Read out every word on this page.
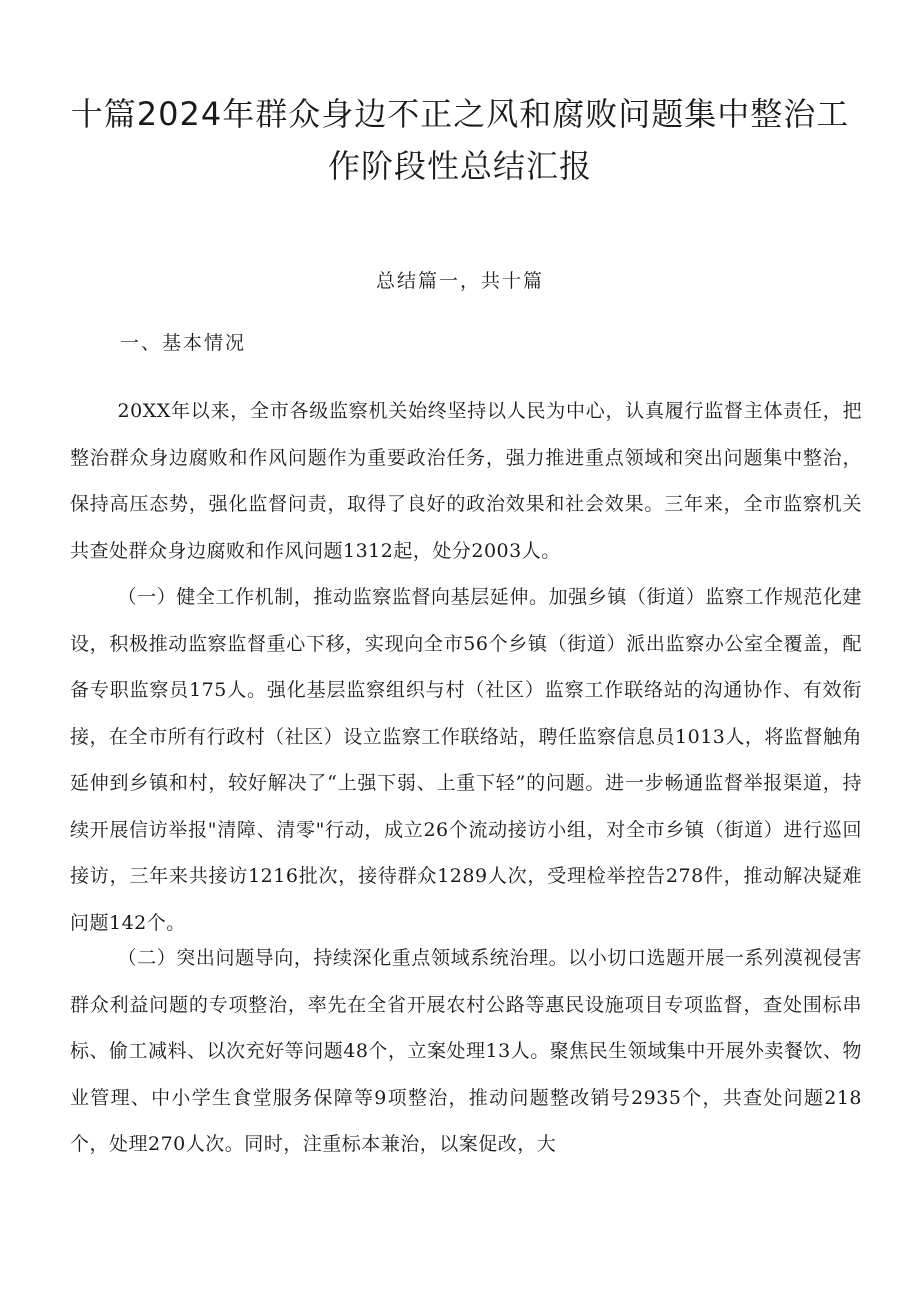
十篇2024年群众身边不正之风和腐败问题集中整治工作阶段性总结汇报
总结篇一，共十篇
一、基本情况

20XX年以来，全市各级监察机关始终坚持以人民为中心，认真履行监督主体责任，把整治群众身边腐败和作风问题作为重要政治任务，强力推进重点领域和突出问题集中整治，保持高压态势，强化监督问责，取得了良好的政治效果和社会效果。三年来，全市监察机关共查处群众身边腐败和作风问题1312起，处分2003人。

（一）健全工作机制，推动监察监督向基层延伸。加强乡镇（街道）监察工作规范化建设，积极推动监察监督重心下移，实现向全市56个乡镇（街道）派出监察办公室全覆盖，配备专职监察员175人。强化基层监察组织与村（社区）监察工作联络站的沟通协作、有效衔接，在全市所有行政村（社区）设立监察工作联络站，聘任监察信息员1013人，将监督触角延伸到乡镇和村，较好解决了“上强下弱、上重下轻”的问题。进一步畅通监督举报渠道，持续开展信访举报"清障、清零"行动，成立26个流动接访小组，对全市乡镇（街道）进行巡回接访，三年来共接访1216批次，接待群众1289人次，受理检举控告278件，推动解决疑难问题142个。

（二）突出问题导向，持续深化重点领域系统治理。以小切口选题开展一系列漠视侵害群众利益问题的专项整治，率先在全省开展农村公路等惠民设施项目专项监督，查处围标串标、偷工减料、以次充好等问题48个，立案处理13人。聚焦民生领域集中开展外卖餐饮、物业管理、中小学生食堂服务保障等9项整治，推动问题整改销号2935个，共查处问题218个，处理270人次。同时，注重标本兼治，以案促改，大
